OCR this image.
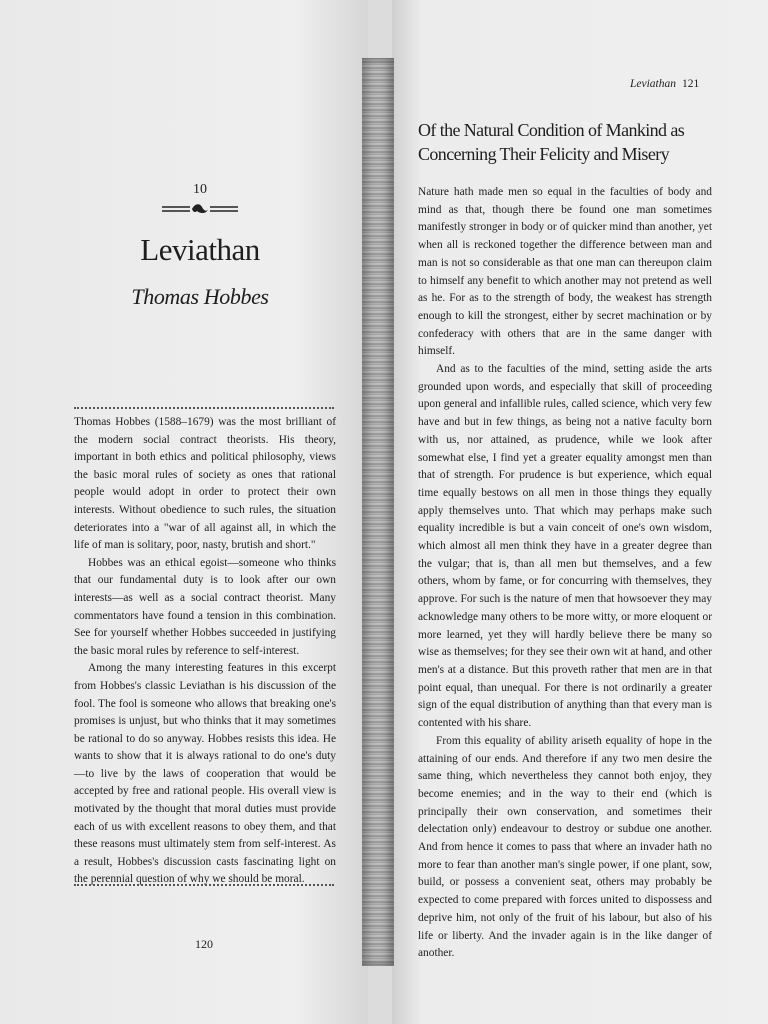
10
Leviathan
Thomas Hobbes

Thomas Hobbes (1588–1679) was the most brilliant of the modern social contract theorists. His theory, important in both ethics and political philosophy, views the basic moral rules of society as ones that rational people would adopt in order to protect their own interests. Without obedience to such rules, the situation deteriorates into a "war of all against all, in which the life of man is solitary, poor, nasty, brutish and short."

Hobbes was an ethical egoist—someone who thinks that our fundamental duty is to look after our own interests—as well as a social contract theorist. Many commentators have found a tension in this combination. See for yourself whether Hobbes succeeded in justifying the basic moral rules by reference to self-interest.

Among the many interesting features in this excerpt from Hobbes's classic Leviathan is his discussion of the fool. The fool is someone who allows that breaking one's promises is unjust, but who thinks that it may sometimes be rational to do so anyway. Hobbes resists this idea. He wants to show that it is always rational to do one's duty—to live by the laws of cooperation that would be accepted by free and rational people. His overall view is motivated by the thought that moral duties must provide each of us with excellent reasons to obey them, and that these reasons must ultimately stem from self-interest. As a result, Hobbes's discussion casts fascinating light on the perennial question of why we should be moral.

120
Leviathan 121
Of the Natural Condition of Mankind as Concerning Their Felicity and Misery

Nature hath made men so equal in the faculties of body and mind as that, though there be found one man sometimes manifestly stronger in body or of quicker mind than another, yet when all is reckoned together the difference between man and man is not so considerable as that one man can thereupon claim to himself any benefit to which another may not pretend as well as he. For as to the strength of body, the weakest has strength enough to kill the strongest, either by secret machination or by confederacy with others that are in the same danger with himself.

And as to the faculties of the mind, setting aside the arts grounded upon words, and especially that skill of proceeding upon general and infallible rules, called science, which very few have and but in few things, as being not a native faculty born with us, nor attained, as prudence, while we look after somewhat else, I find yet a greater equality amongst men than that of strength. For prudence is but experience, which equal time equally bestows on all men in those things they equally apply themselves unto. That which may perhaps make such equality incredible is but a vain conceit of one's own wisdom, which almost all men think they have in a greater degree than the vulgar; that is, than all men but themselves, and a few others, whom by fame, or for concurring with themselves, they approve. For such is the nature of men that howsoever they may acknowledge many others to be more witty, or more eloquent or more learned, yet they will hardly believe there be many so wise as themselves; for they see their own wit at hand, and other men's at a distance. But this proveth rather that men are in that point equal, than unequal. For there is not ordinarily a greater sign of the equal distribution of anything than that every man is contented with his share.

From this equality of ability ariseth equality of hope in the attaining of our ends. And therefore if any two men desire the same thing, which nevertheless they cannot both enjoy, they become enemies; and in the way to their end (which is principally their own conservation, and sometimes their delectation only) endeavour to destroy or subdue one another. And from hence it comes to pass that where an invader hath no more to fear than another man's single power, if one plant, sow, build, or possess a convenient seat, others may probably be expected to come prepared with forces united to dispossess and deprive him, not only of the fruit of his labour, but also of his life or liberty. And the invader again is in the like danger of another.
